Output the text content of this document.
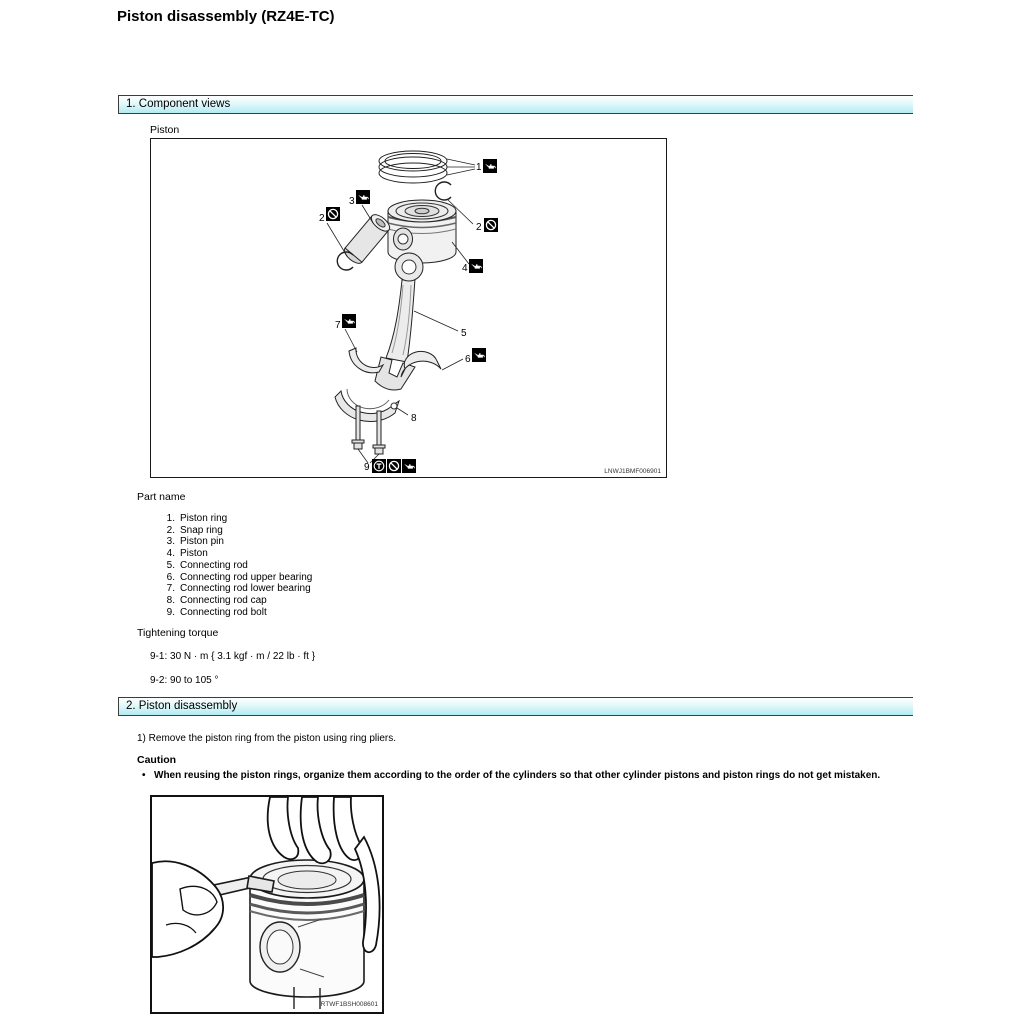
Piston disassembly (RZ4E-TC)
1. Component views
Piston
1
2
3
2
4
5
6
7
8
9	LNWJ1BMF006901
Part name
1. Piston ring
2. Snap ring
3. Piston pin
4. Piston
5. Connecting rod
6. Connecting rod upper bearing
7. Connecting rod lower bearing
8. Connecting rod cap
9. Connecting rod bolt
Tightening torque
9-1: 30 N · m { 3.1 kgf · m / 22 lb · ft }
9-2: 90 to 105 °
2. Piston disassembly
1) Remove the piston ring from the piston using ring pliers.
Caution
• When reusing the piston rings, organize them according to the order of the cylinders so that other cylinder pistons and piston rings do not get mistaken.
RTWF1BSH008601
